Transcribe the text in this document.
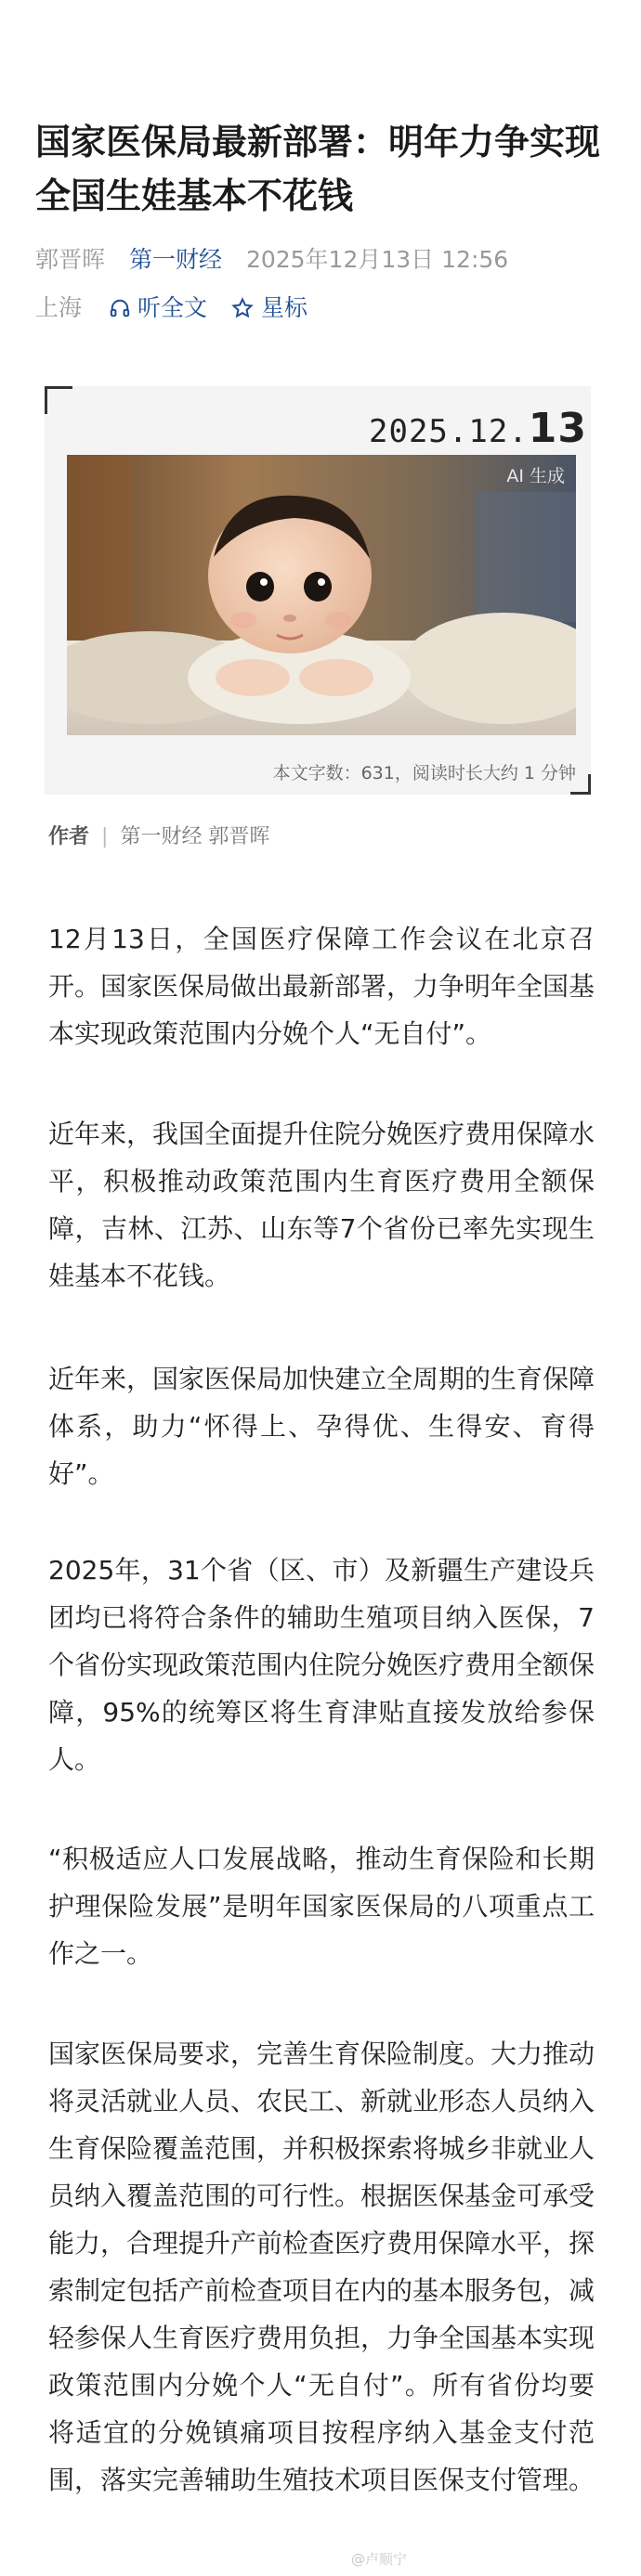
国家医保局最新部署：明年力争实现全国生娃基本不花钱
郭晋晖 第一财经 2025年12月13日 12:56
上海 听全文 星标
2025.12.13
AI 生成
本文字数：631，阅读时长大约 1 分钟
作者 | 第一财经 郭晋晖

12月13日，全国医疗保障工作会议在北京召开。国家医保局做出最新部署，力争明年全国基本实现政策范围内分娩个人“无自付”。

近年来，我国全面提升住院分娩医疗费用保障水平，积极推动政策范围内生育医疗费用全额保障，吉林、江苏、山东等7个省份已率先实现生娃基本不花钱。

近年来，国家医保局加快建立全周期的生育保障体系，助力“怀得上、孕得优、生得安、育得好”。

2025年，31个省（区、市）及新疆生产建设兵团均已将符合条件的辅助生殖项目纳入医保，7个省份实现政策范围内住院分娩医疗费用全额保障，95%的统筹区将生育津贴直接发放给参保人。

“积极适应人口发展战略，推动生育保险和长期护理保险发展”是明年国家医保局的八项重点工作之一。

国家医保局要求，完善生育保险制度。大力推动将灵活就业人员、农民工、新就业形态人员纳入生育保险覆盖范围，并积极探索将城乡非就业人员纳入覆盖范围的可行性。根据医保基金可承受能力，合理提升产前检查医疗费用保障水平，探索制定包括产前检查项目在内的基本服务包，减轻参保人生育医疗费用负担，力争全国基本实现政策范围内分娩个人“无自付”。所有省份均要将适宜的分娩镇痛项目按程序纳入基金支付范围，落实完善辅助生殖技术项目医保支付管理。

@卢顺宁
